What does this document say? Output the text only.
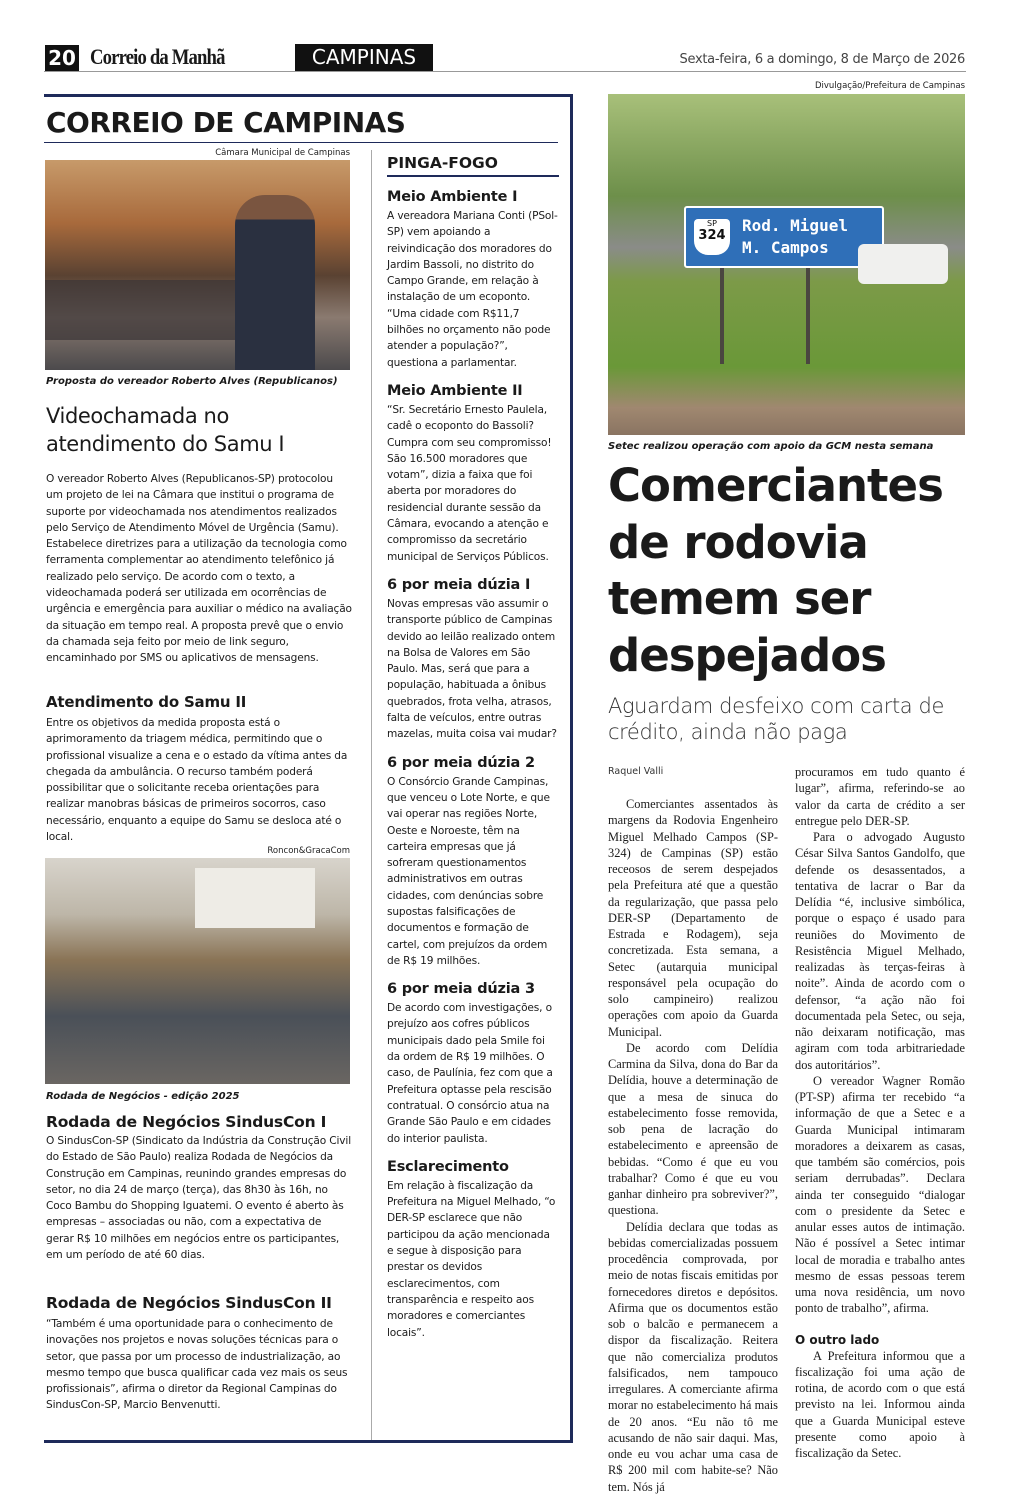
20 Correio da Manhã	CAMPINAS	Sexta-feira, 6 a domingo, 8 de Março de 2026
CORREIO DE CAMPINAS
Câmara Municipal de Campinas
Proposta do vereador Roberto Alves (Republicanos)
Videochamada no atendimento do Samu I
O vereador Roberto Alves (Republicanos-SP) protocolou um projeto de lei na Câmara que institui o programa de suporte por videochamada nos atendimentos realizados pelo Serviço de Atendimento Móvel de Urgência (Samu). Estabelece diretrizes para a utilização da tecnologia como ferramenta complementar ao atendimento telefônico já realizado pelo serviço. De acordo com o texto, a videochamada poderá ser utilizada em ocorrências de urgência e emergência para auxiliar o médico na avaliação da situação em tempo real. A proposta prevê que o envio da chamada seja feito por meio de link seguro, encaminhado por SMS ou aplicativos de mensagens.
Atendimento do Samu II
Entre os objetivos da medida proposta está o aprimoramento da triagem médica, permitindo que o profissional visualize a cena e o estado da vítima antes da chegada da ambulância. O recurso também poderá possibilitar que o solicitante receba orientações para realizar manobras básicas de primeiros socorros, caso necessário, enquanto a equipe do Samu se desloca até o local.
Roncon&GracaCom
Rodada de Negócios - edição 2025
Rodada de Negócios SindusCon I
O SindusCon-SP (Sindicato da Indústria da Construção Civil do Estado de São Paulo) realiza Rodada de Negócios da Construção em Campinas, reunindo grandes empresas do setor, no dia 24 de março (terça), das 8h30 às 16h, no Coco Bambu do Shopping Iguatemi. O evento é aberto às empresas – associadas ou não, com a expectativa de gerar R$ 10 milhões em negócios entre os participantes, em um período de até 60 dias.
Rodada de Negócios SindusCon II
“Também é uma oportunidade para o conhecimento de inovações nos projetos e novas soluções técnicas para o setor, que passa por um processo de industrialização, ao mesmo tempo que busca qualificar cada vez mais os seus profissionais”, afirma o diretor da Regional Campinas do SindusCon-SP, Marcio Benvenutti.
PINGA-FOGO
Meio Ambiente I
A vereadora Mariana Conti (PSol-SP) vem apoiando a reivindicação dos moradores do Jardim Bassoli, no distrito do Campo Grande, em relação à instalação de um ecoponto. “Uma cidade com R$11,7 bilhões no orçamento não pode atender a população?”, questiona a parlamentar.
Meio Ambiente II
“Sr. Secretário Ernesto Paulela, cadê o ecoponto do Bassoli? Cumpra com seu compromisso! São 16.500 moradores que votam”, dizia a faixa que foi aberta por moradores do residencial durante sessão da Câmara, evocando a atenção e compromisso da secretário municipal de Serviços Públicos.
6 por meia dúzia I
Novas empresas vão assumir o transporte público de Campinas devido ao leilão realizado ontem na Bolsa de Valores em São Paulo. Mas, será que para a população, habituada a ônibus quebrados, frota velha, atrasos, falta de veículos, entre outras mazelas, muita coisa vai mudar?
6 por meia dúzia 2
O Consórcio Grande Campinas, que venceu o Lote Norte, e que vai operar nas regiões Norte, Oeste e Noroeste, têm na carteira empresas que já sofreram questionamentos administrativos em outras cidades, com denúncias sobre supostas falsificações de documentos e formação de cartel, com prejuízos da ordem de R$ 19 milhões.
6 por meia dúzia 3
De acordo com investigações, o prejuízo aos cofres públicos municipais dado pela Smile foi da ordem de R$ 19 milhões. O caso, de Paulínia, fez com que a Prefeitura optasse pela rescisão contratual. O consórcio atua na Grande São Paulo e em cidades do interior paulista.
Esclarecimento
Em relação à fiscalização da Prefeitura na Miguel Melhado, “o DER-SP esclarece que não participou da ação mencionada e segue à disposição para prestar os devidos esclarecimentos, com transparência e respeito aos moradores e comerciantes locais”.
Divulgação/Prefeitura de Campinas
SP
324
Rod. Miguel
M. Campos
Setec realizou operação com apoio da GCM nesta semana
Comerciantes de rodovia temem ser despejados
Aguardam desfeixo com carta de crédito, ainda não paga
Raquel Valli

Comerciantes assentados às margens da Rodovia Engenheiro Miguel Melhado Campos (SP-324) de Campinas (SP) estão receosos de serem despejados pela Prefeitura até que a questão da regularização, que passa pelo DER-SP (Departamento de Estrada e Rodagem), seja concretizada. Esta semana, a Setec (autarquia municipal responsável pela ocupação do solo campineiro) realizou operações com apoio da Guarda Municipal.

De acordo com Delídia Carmina da Silva, dona do Bar da Delídia, houve a determinação de que a mesa de sinuca do estabelecimento fosse removida, sob pena de lacração do estabelecimento e apreensão de bebidas. “Como é que eu vou trabalhar? Como é que eu vou ganhar dinheiro pra sobreviver?”, questiona.

Delídia declara que todas as bebidas comercializadas possuem procedência comprovada, por meio de notas fiscais emitidas por fornecedores diretos e depósitos. Afirma que os documentos estão sob o balcão e permanecem a dispor da fiscalização. Reitera que não comercializa produtos falsificados, nem tampouco irregulares. A comerciante afirma morar no estabelecimento há mais de 20 anos. “Eu não tô me acusando de não sair daqui. Mas, onde eu vou achar uma casa de R$ 200 mil com habite-se? Não tem. Nós já

procuramos em tudo quanto é lugar”, afirma, referindo-se ao valor da carta de crédito a ser entregue pelo DER-SP.

Para o advogado Augusto César Silva Santos Gandolfo, que defende os desassentados, a tentativa de lacrar o Bar da Delídia “é, inclusive simbólica, porque o espaço é usado para reuniões do Movimento de Resistência Miguel Melhado, realizadas às terças-feiras à noite”. Ainda de acordo com o defensor, “a ação não foi documentada pela Setec, ou seja, não deixaram notificação, mas agiram com toda arbitrariedade dos autoritários”.

O vereador Wagner Romão (PT-SP) afirma ter recebido “a informação de que a Setec e a Guarda Municipal intimaram moradores a deixarem as casas, que também são comércios, pois seriam derrubadas”. Declara ainda ter conseguido “dialogar com o presidente da Setec e anular esses autos de intimação. Não é possível a Setec intimar local de moradia e trabalho antes mesmo de essas pessoas terem uma nova residência, um novo ponto de trabalho”, afirma.

O outro lado

A Prefeitura informou que a fiscalização foi uma ação de rotina, de acordo com o que está previsto na lei. Informou ainda que a Guarda Municipal esteve presente como apoio à fiscalização da Setec.
